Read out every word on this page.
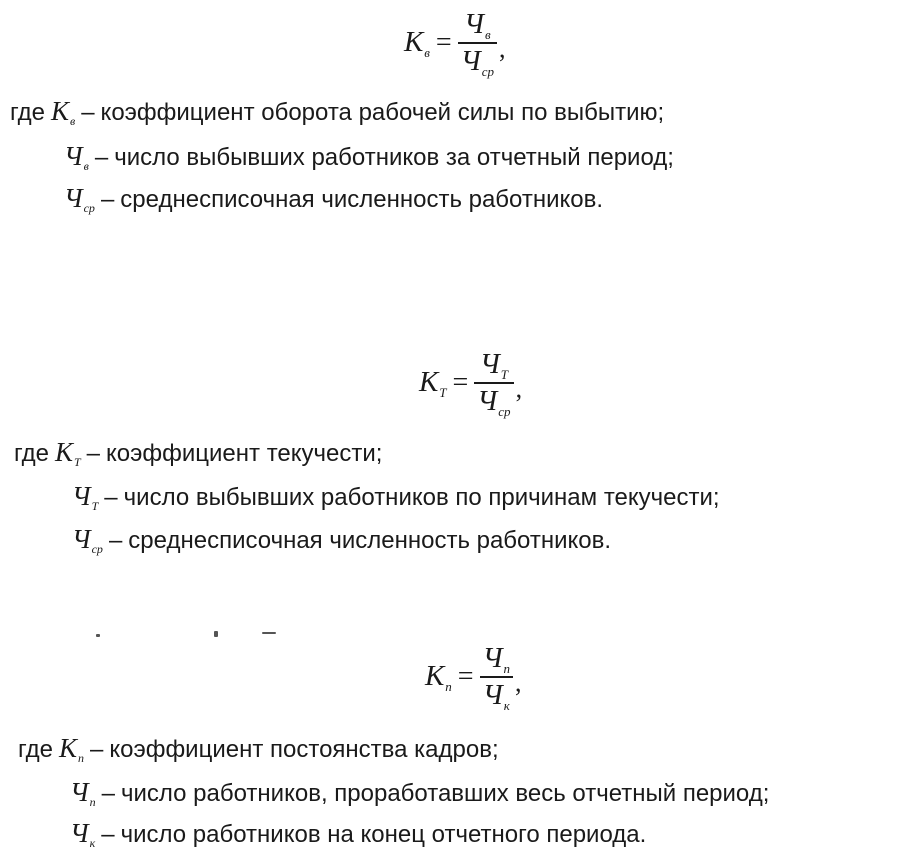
К $в = \frac{\text{Ч в}}{\text{Ч ср}}$ ,
где К в – коэффициент оборота рабочей силы по выбытию;
Ч в – число выбывших работников за отчетный период;
Ч ср – среднесписочная численность работников.
К $Т = \frac{\text{Ч Т}}{\text{Ч ср}}$ ,
где К Т – коэффициент текучести;
Ч Т – число выбывших работников по причинам текучести;
Ч ср – среднесписочная численность работников.
К $п = \frac{\text{Ч п}}{\text{Ч к}}$ ,
где К п – коэффициент постоянства кадров;
Ч п – число работников, проработавших весь отчетный период;
Ч к – число работников на конец отчетного периода.
